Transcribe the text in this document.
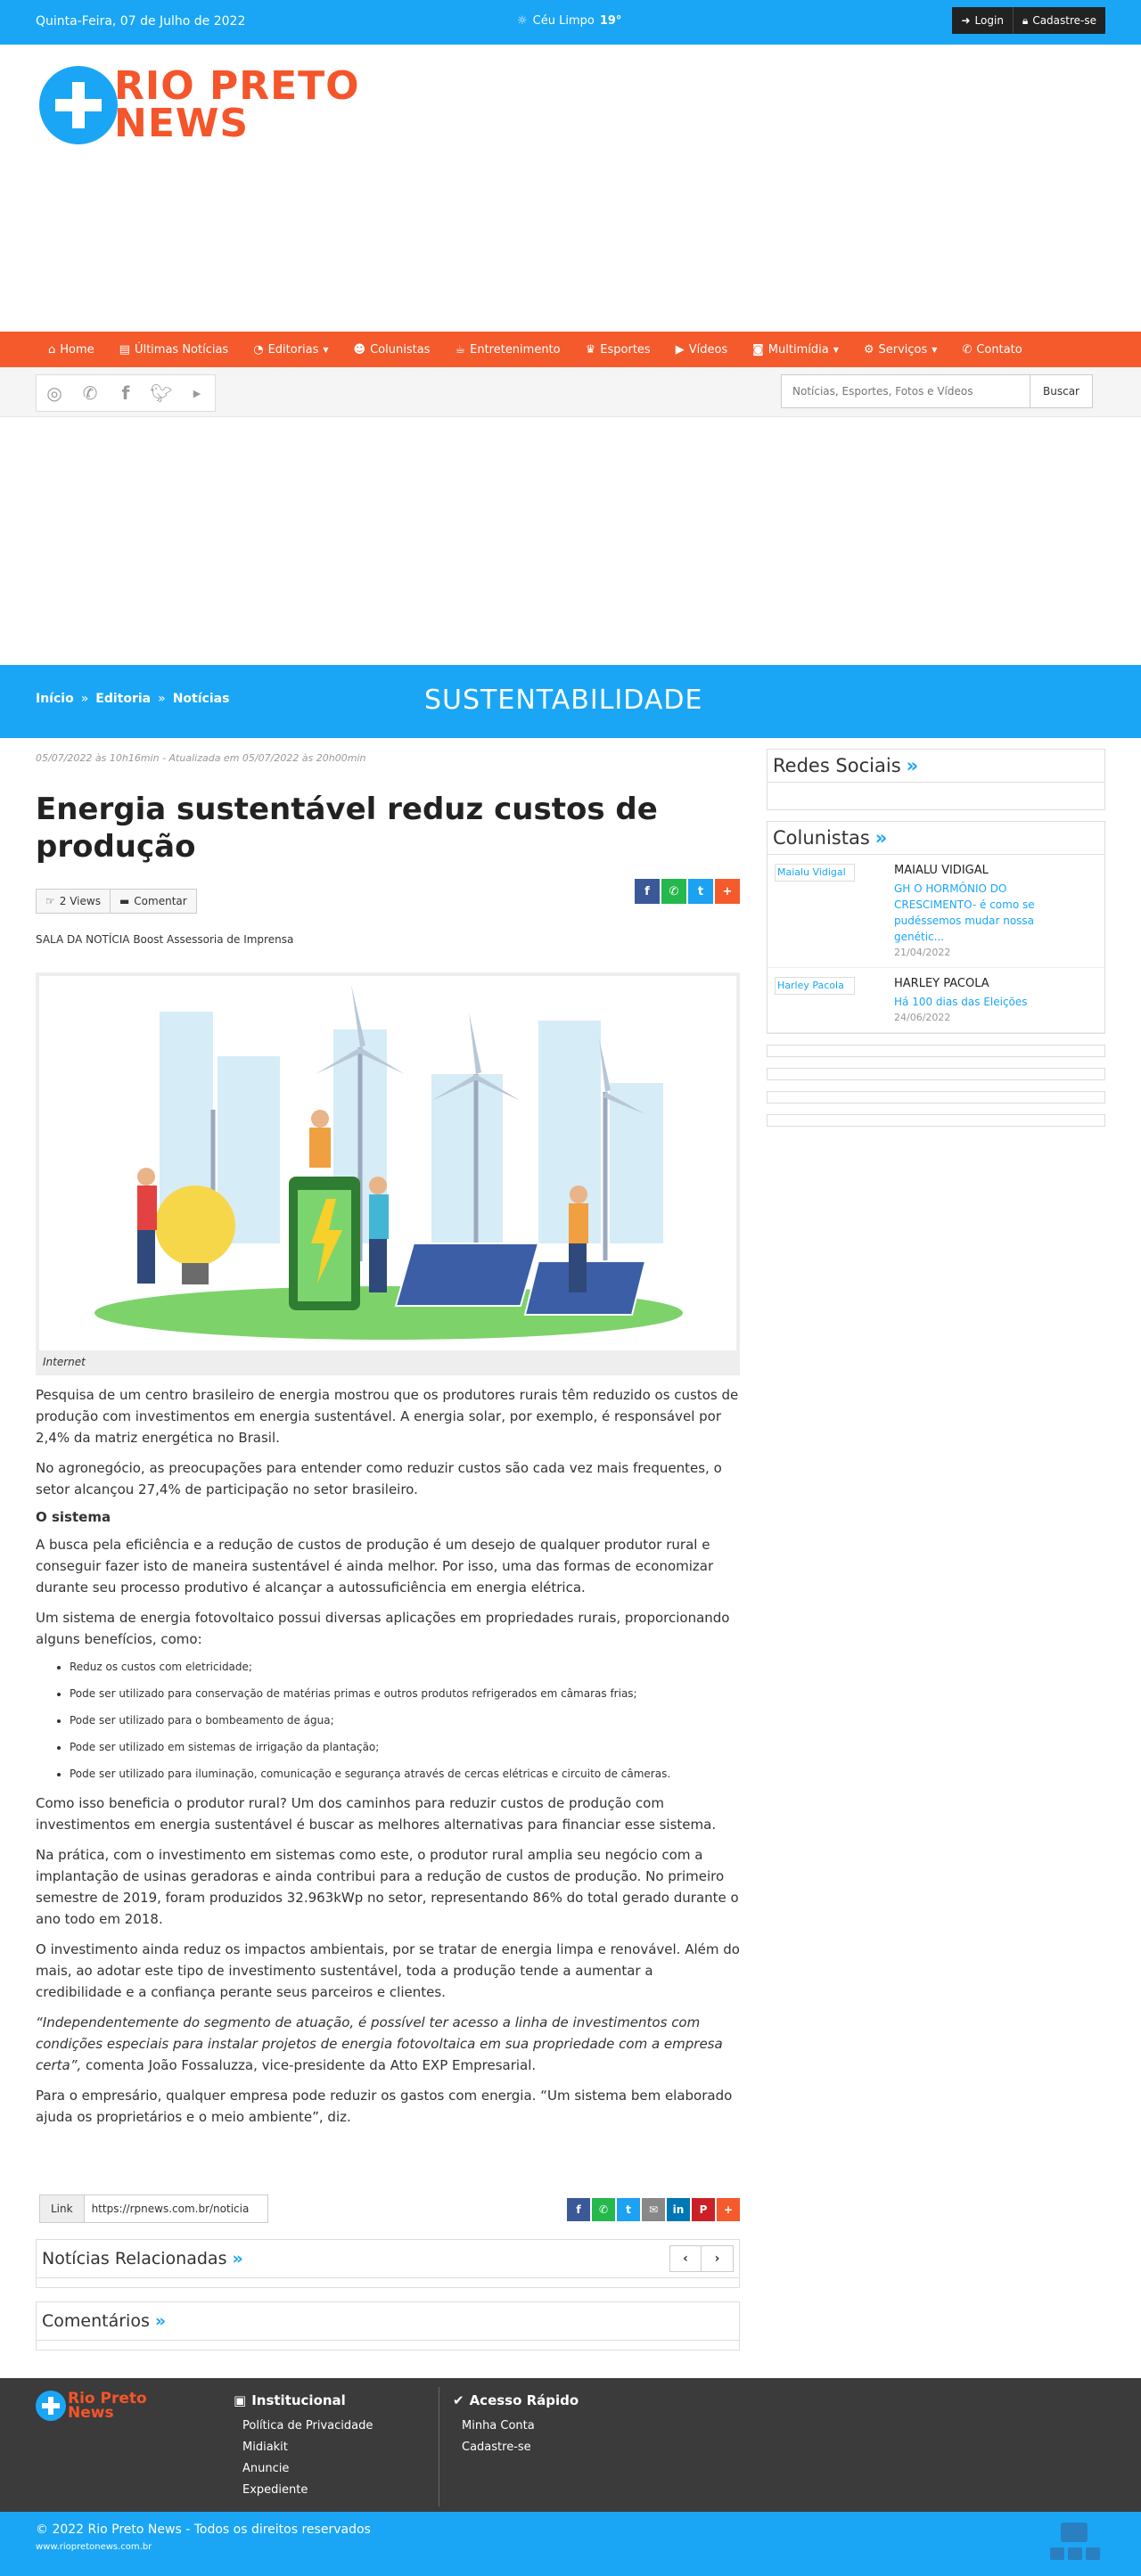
Quinta-Feira, 07 de Julho de 2022	☼ Céu Limpo 19°	➜ Login 🔒︎ Cadastre-se
RIO PRETO
NEWS
⌂ Home ▤ Últimas Notícias ◔ Editorias ▼ ☻ Colunistas ☕︎ Entretenimento ♛ Esportes ▶ Vídeos ◙ Multimídia ▼ ⚙︎ Serviços ▼ ✆ Contato
◎	✆	f	🐦︎	▶
Notícias, Esportes, Fotos e Vídeos	Buscar
Início » Editoria » Notícias	SUSTENTABILIDADE
05/07/2022 às 10h16min - Atualizada em 05/07/2022 às 20h00min
Energia sustentável reduz custos de produção
☞ 2 Views ▬ Comentar
f	✆	t	+
SALA DA NOTÍCIA Boost Assessoria de Imprensa
Internet

Pesquisa de um centro brasileiro de energia mostrou que os produtores rurais têm reduzido os custos de produção com investimentos em energia sustentável. A energia solar, por exemplo, é responsável por 2,4% da matriz energética no Brasil.

No agronegócio, as preocupações para entender como reduzir custos são cada vez mais frequentes, o setor alcançou 27,4% de participação no setor brasileiro.

O sistema

A busca pela eficiência e a redução de custos de produção é um desejo de qualquer produtor rural e conseguir fazer isto de maneira sustentável é ainda melhor. Por isso, uma das formas de economizar durante seu processo produtivo é alcançar a autossuficiência em energia elétrica.

Um sistema de energia fotovoltaico possui diversas aplicações em propriedades rurais, proporcionando alguns benefícios, como:

• Reduz os custos com eletricidade;
• Pode ser utilizado para conservação de matérias primas e outros produtos refrigerados em câmaras frias;
• Pode ser utilizado para o bombeamento de água;
• Pode ser utilizado em sistemas de irrigação da plantação;
• Pode ser utilizado para iluminação, comunicação e segurança através de cercas elétricas e circuito de câmeras.

Como isso beneficia o produtor rural? Um dos caminhos para reduzir custos de produção com investimentos em energia sustentável é buscar as melhores alternativas para financiar esse sistema.

Na prática, com o investimento em sistemas como este, o produtor rural amplia seu negócio com a implantação de usinas geradoras e ainda contribui para a redução de custos de produção. No primeiro semestre de 2019, foram produzidos 32.963kWp no setor, representando 86% do total gerado durante o ano todo em 2018.

O investimento ainda reduz os impactos ambientais, por se tratar de energia limpa e renovável. Além do mais, ao adotar este tipo de investimento sustentável, toda a produção tende a aumentar a credibilidade e a confiança perante seus parceiros e clientes.

“Independentemente do segmento de atuação, é possível ter acesso a linha de investimentos com condições especiais para instalar projetos de energia fotovoltaica em sua propriedade com a empresa certa”, comenta João Fossaluzza, vice-presidente da Atto EXP Empresarial.

Para o empresário, qualquer empresa pode reduzir os gastos com energia. “Um sistema bem elaborado ajuda os proprietários e o meio ambiente”, diz.

Link	https://rpnews.com.br/noticia	f	✆	t	✉	in	P	+
Notícias Relacionadas »	‹	›
Comentários »
Redes Sociais »
Colunistas »
Maialu Vidigal	MAIALU VIDIGAL
GH O HORMÔNIO DO CRESCIMENTO- é como se pudéssemos mudar nossa genétic...
21/04/2022
Harley Pacola	HARLEY PACOLA
Há 100 dias das Eleições
24/06/2022
Rio Preto
News
▣ Institucional
Política de Privacidade
Midiakit
Anuncie
Expediente
✔ Acesso Rápido
Minha Conta
Cadastre-se
© 2022 Rio Preto News - Todos os direitos reservados
www.riopretonews.com.br
